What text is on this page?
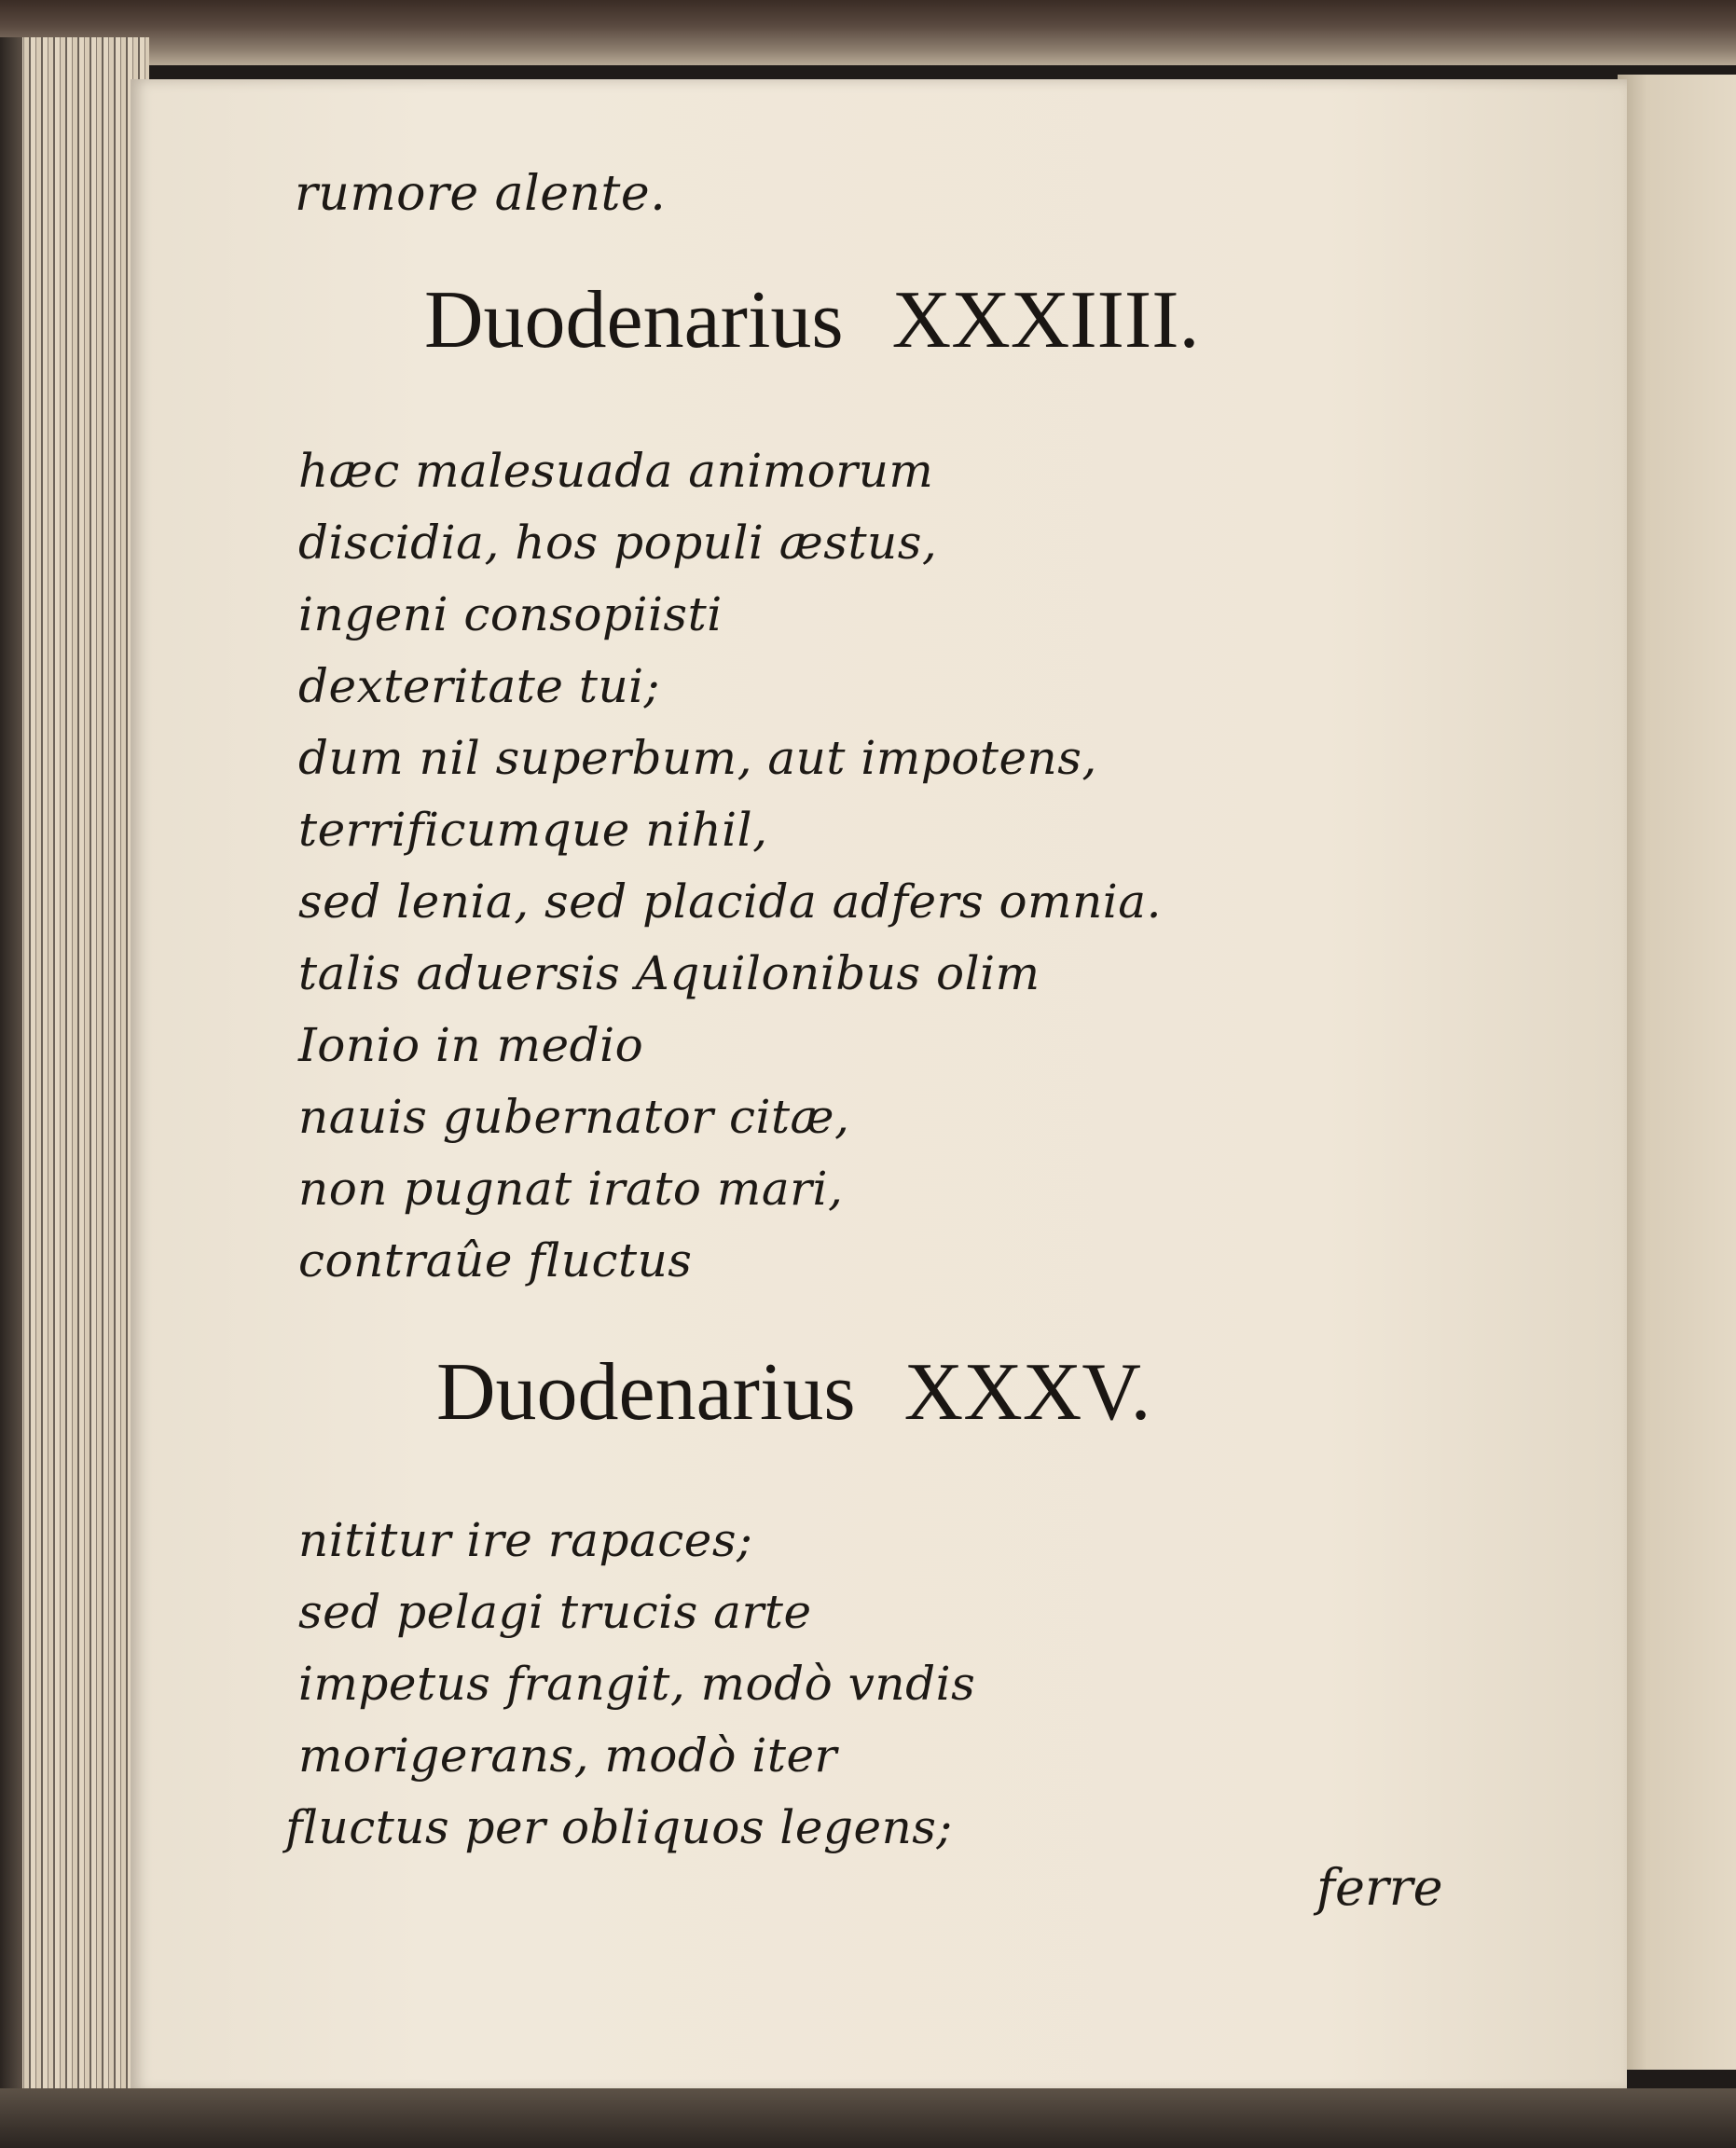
rumore alente.
Duodenarius XXXIIII.
hæc malesuada animorum
discidia, hos populi æstus,
ingeni consopiisti
dexteritate tui;
dum nil superbum, aut impotens,
terrificumque nihil,
sed lenia, sed placida adfers omnia.
talis aduersis Aquilonibus olim
Ionio in medio
nauis gubernator citæ,
non pugnat irato mari,
contraûe fluctus
Duodenarius XXXV.
nititur ire rapaces;
sed pelagi trucis arte
impetus frangit, modò vndis
morigerans, modò iter
fluctus per obliquos legens;
ferre
